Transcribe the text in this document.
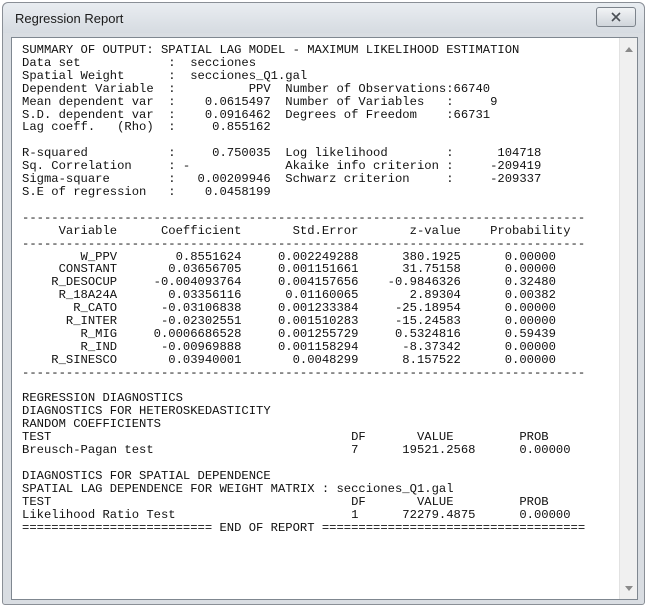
Regression Report
SUMMARY OF OUTPUT: SPATIAL LAG MODEL - MAXIMUM LIKELIHOOD ESTIMATION
Data set            :  secciones
Spatial Weight      :  secciones_Q1.gal
Dependent Variable  :          PPV  Number of Observations:66740
Mean dependent var  :    0.0615497  Number of Variables   :     9
S.D. dependent var  :    0.0916462  Degrees of Freedom    :66731
Lag coeff.   (Rho)  :     0.855162

R-squared           :     0.750035  Log likelihood        :      104718
Sq. Correlation     : -             Akaike info criterion :     -209419
Sigma-square        :   0.00209946  Schwarz criterion     :     -209337
S.E of regression   :    0.0458199

-----------------------------------------------------------------------------
Variable      Coefficient       Std.Error       z-value    Probability
-----------------------------------------------------------------------------
W_PPV        0.8551624     0.002249288      380.1925      0.00000
CONSTANT       0.03656705     0.001151661      31.75158      0.00000
R_DESOCUP     -0.004093764     0.004157656    -0.9846326      0.32480
R_18A24A       0.03356116      0.01160065       2.89304      0.00382
R_CATO      -0.03106838     0.001233384     -25.18954      0.00000
R_INTER      -0.02302551     0.001510283     -15.24583      0.00000
R_MIG     0.0006686528     0.001255729     0.5324816      0.59439
R_IND      -0.00969888     0.001158294      -8.37342      0.00000
R_SINESCO       0.03940001       0.0048299      8.157522      0.00000
-----------------------------------------------------------------------------

REGRESSION DIAGNOSTICS
DIAGNOSTICS FOR HETEROSKEDASTICITY
RANDOM COEFFICIENTS
TEST                                         DF       VALUE         PROB
Breusch-Pagan test                           7      19521.2568      0.00000

DIAGNOSTICS FOR SPATIAL DEPENDENCE
SPATIAL LAG DEPENDENCE FOR WEIGHT MATRIX : secciones_Q1.gal
TEST                                         DF       VALUE         PROB
Likelihood Ratio Test                        1      72279.4875      0.00000
========================== END OF REPORT ====================================
